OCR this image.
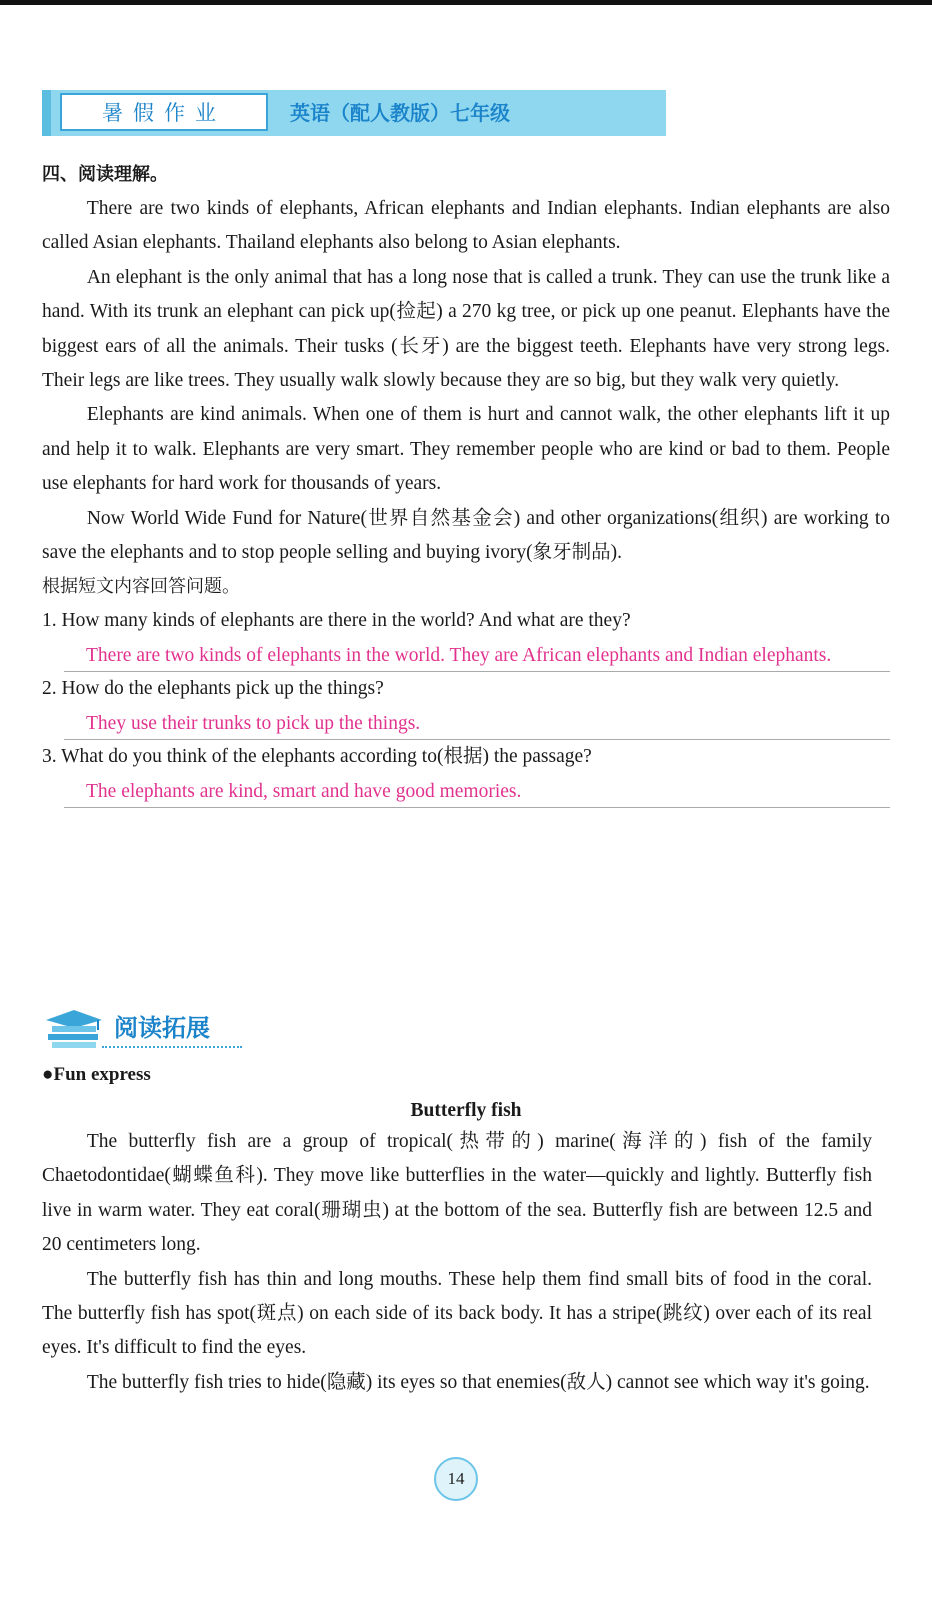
暑假作业	英语（配人教版）七年级
四、阅读理解。

There are two kinds of elephants, African elephants and Indian elephants. Indian elephants are also called Asian elephants. Thailand elephants also belong to Asian elephants.

An elephant is the only animal that has a long nose that is called a trunk. They can use the trunk like a hand. With its trunk an elephant can pick up(捡起) a 270 kg tree, or pick up one peanut. Elephants have the biggest ears of all the animals. Their tusks (长牙) are the biggest teeth. Elephants have very strong legs. Their legs are like trees. They usually walk slowly because they are so big, but they walk very quietly.

Elephants are kind animals. When one of them is hurt and cannot walk, the other elephants lift it up and help it to walk. Elephants are very smart. They remember people who are kind or bad to them. People use elephants for hard work for thousands of years.

Now World Wide Fund for Nature(世界自然基金会) and other organizations(组织) are working to save the elephants and to stop people selling and buying ivory(象牙制品).

根据短文内容回答问题。
1. How many kinds of elephants are there in the world? And what are they?
There are two kinds of elephants in the world. They are African elephants and Indian elephants.
2. How do the elephants pick up the things?
They use their trunks to pick up the things.
3. What do you think of the elephants according to(根据) the passage?
The elephants are kind, smart and have good memories.
阅读拓展
●Fun express
Butterfly fish

The butterfly fish are a group of tropical(热带的) marine(海洋的) fish of the family Chaetodontidae(蝴蝶鱼科). They move like butterflies in the water—quickly and lightly. Butterfly fish live in warm water. They eat coral(珊瑚虫) at the bottom of the sea. Butterfly fish are between 12.5 and 20 centimeters long.

The butterfly fish has thin and long mouths. These help them find small bits of food in the coral. The butterfly fish has spot(斑点) on each side of its back body. It has a stripe(跳纹) over each of its real eyes. It's difficult to find the eyes.

The butterfly fish tries to hide(隐藏) its eyes so that enemies(敌人) cannot see which way it's going.

14
